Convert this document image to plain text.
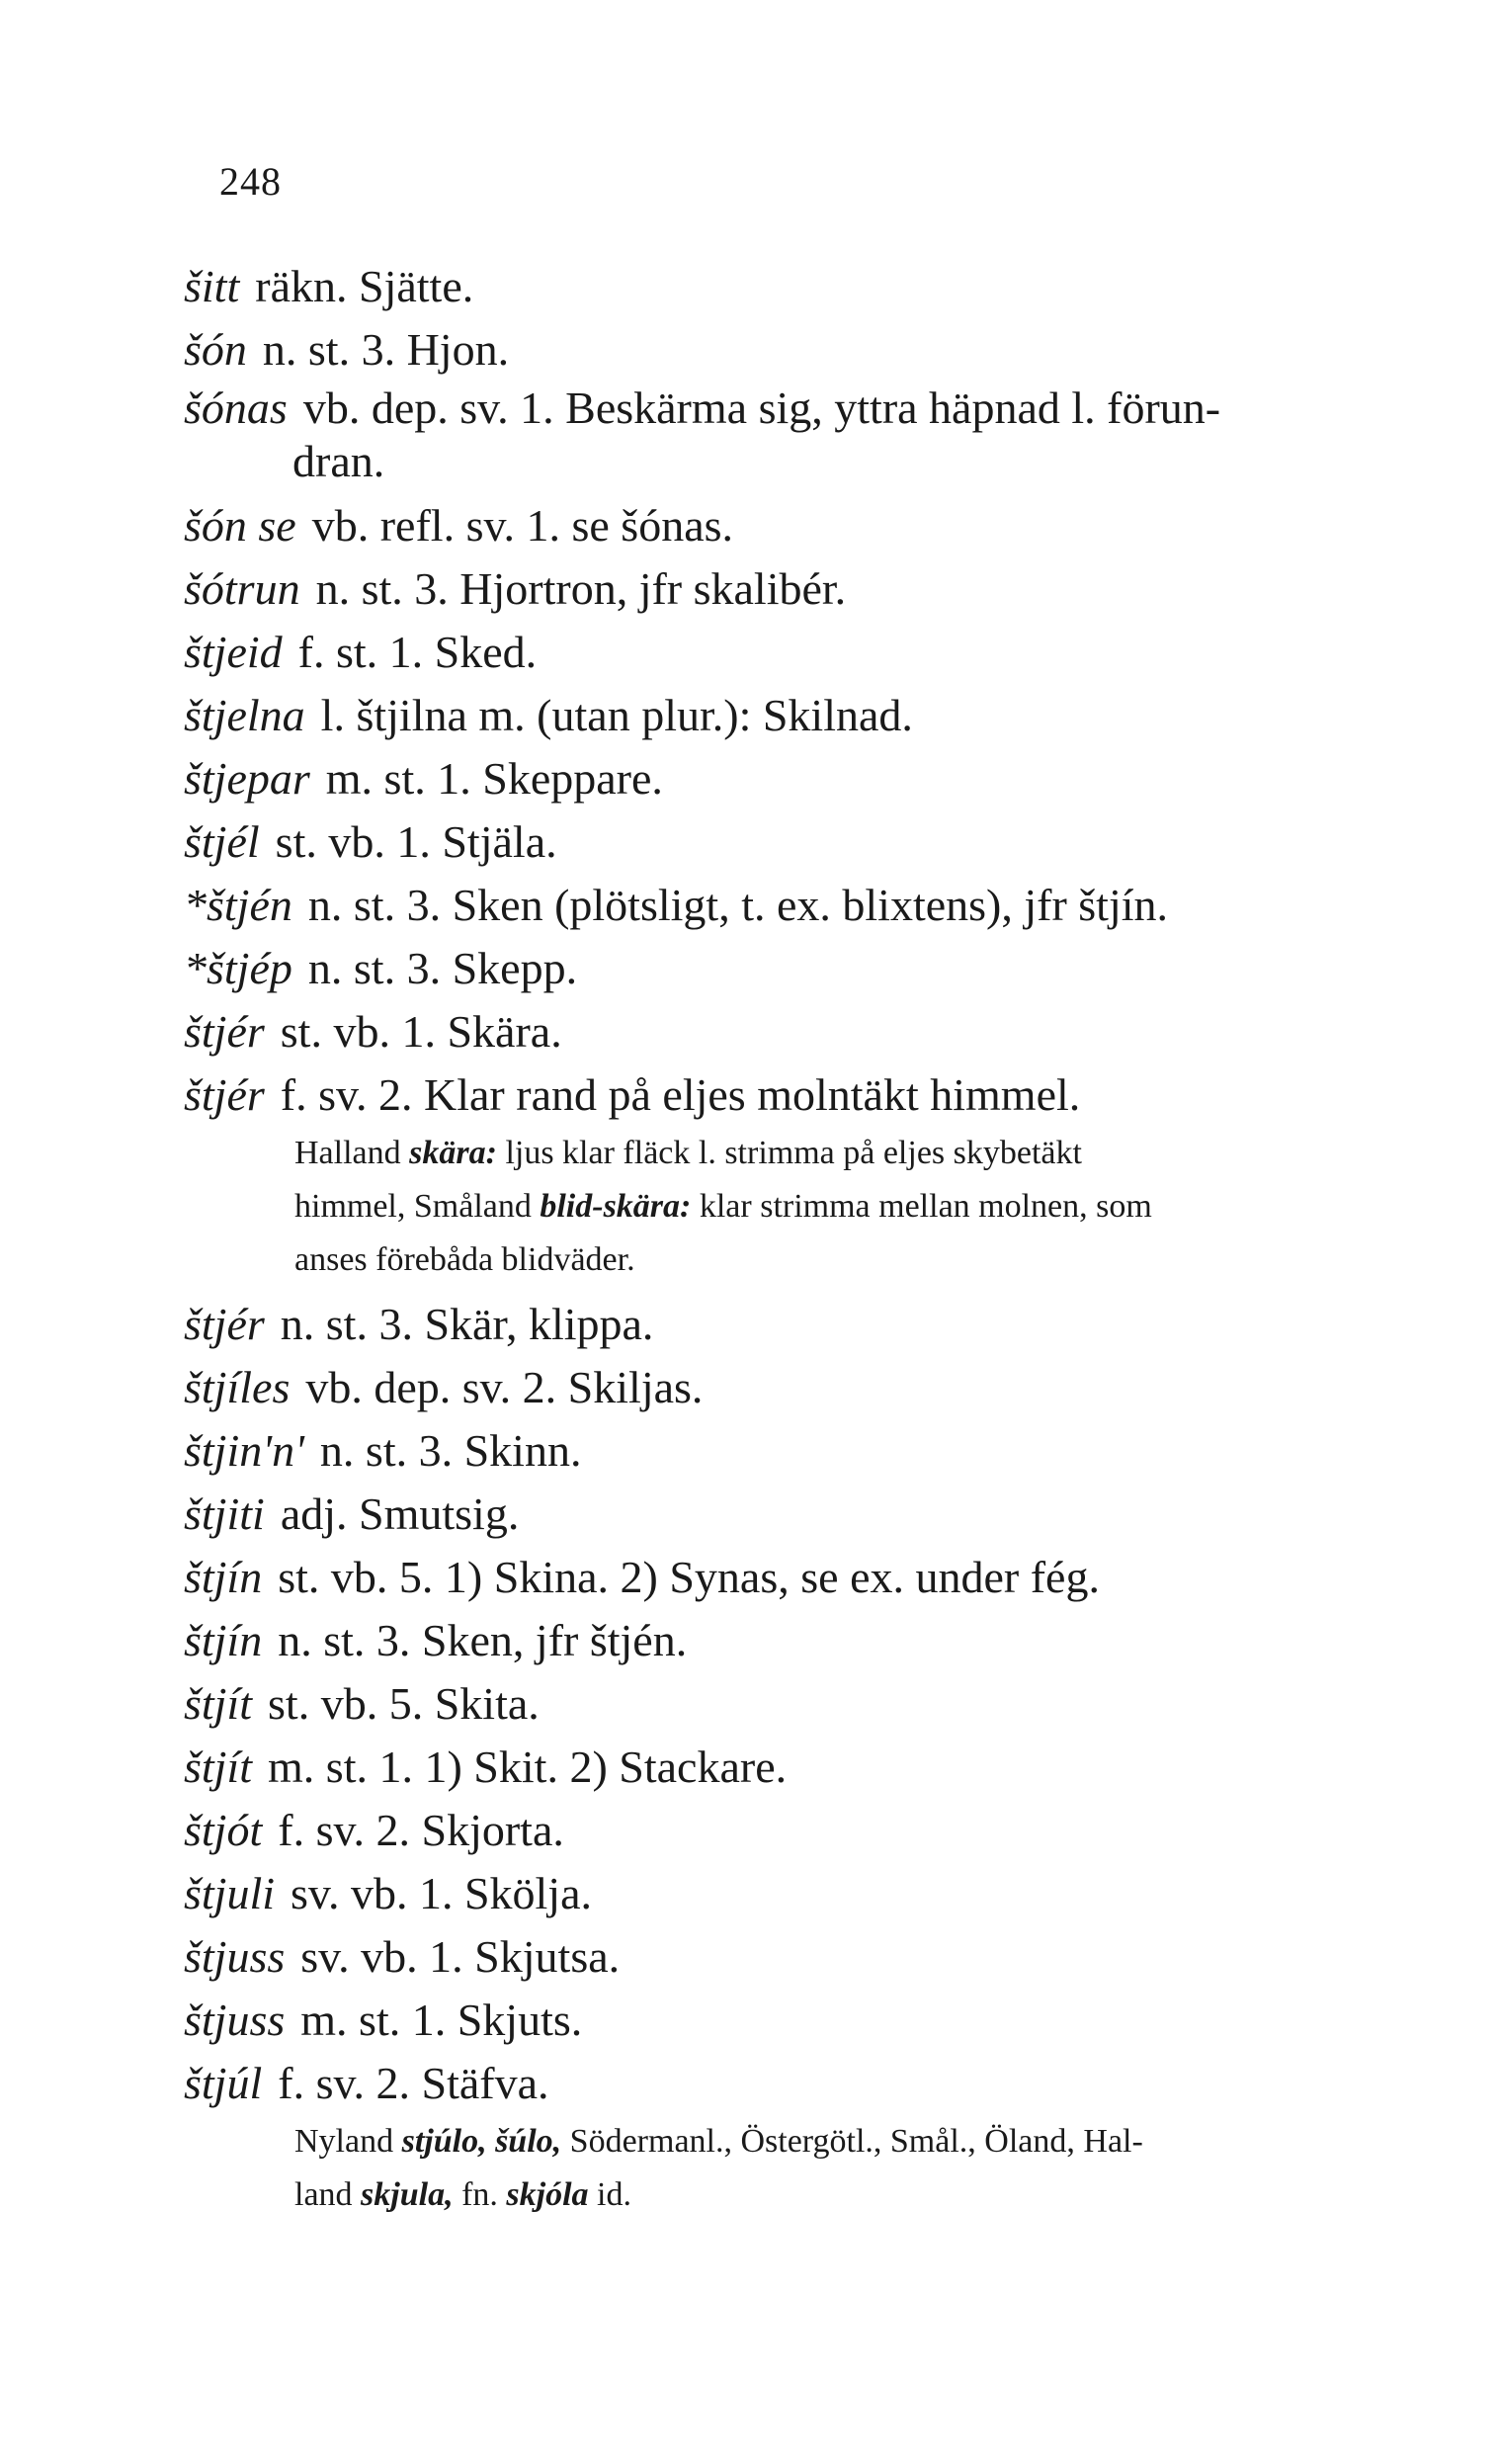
248
šitt räkn. Sjätte.
šón n. st. 3. Hjon.
šónas vb. dep. sv. 1. Beskärma sig, yttra häpnad l. förun-
dran.
šón se vb. refl. sv. 1. se šónas.
šótrun n. st. 3. Hjortron, jfr skalibér.
štjeid f. st. 1. Sked.
štjelna l. štjilna m. (utan plur.): Skilnad.
štjepar m. st. 1. Skeppare.
štjél st. vb. 1. Stjäla.
*štjén n. st. 3. Sken (plötsligt, t. ex. blixtens), jfr štjín.
*štjép n. st. 3. Skepp.
štjér st. vb. 1. Skära.
štjér f. sv. 2. Klar rand på eljes molntäkt himmel.
Halland skära: ljus klar fläck l. strimma på eljes skybetäkt
himmel, Småland blid-skära: klar strimma mellan molnen, som
anses förebåda blidväder.
štjér n. st. 3. Skär, klippa.
štjíles vb. dep. sv. 2. Skiljas.
štjin'n' n. st. 3. Skinn.
štjiti adj. Smutsig.
štjín st. vb. 5. 1) Skina. 2) Synas, se ex. under fég.
štjín n. st. 3. Sken, jfr štjén.
štjít st. vb. 5. Skita.
štjít m. st. 1. 1) Skit. 2) Stackare.
štjót f. sv. 2. Skjorta.
štjuli sv. vb. 1. Skölja.
štjuss sv. vb. 1. Skjutsa.
štjuss m. st. 1. Skjuts.
štjúl f. sv. 2. Stäfva.
Nyland stjúlo, šúlo, Södermanl., Östergötl., Smål., Öland, Hal-
land skjula, fn. skjóla id.
